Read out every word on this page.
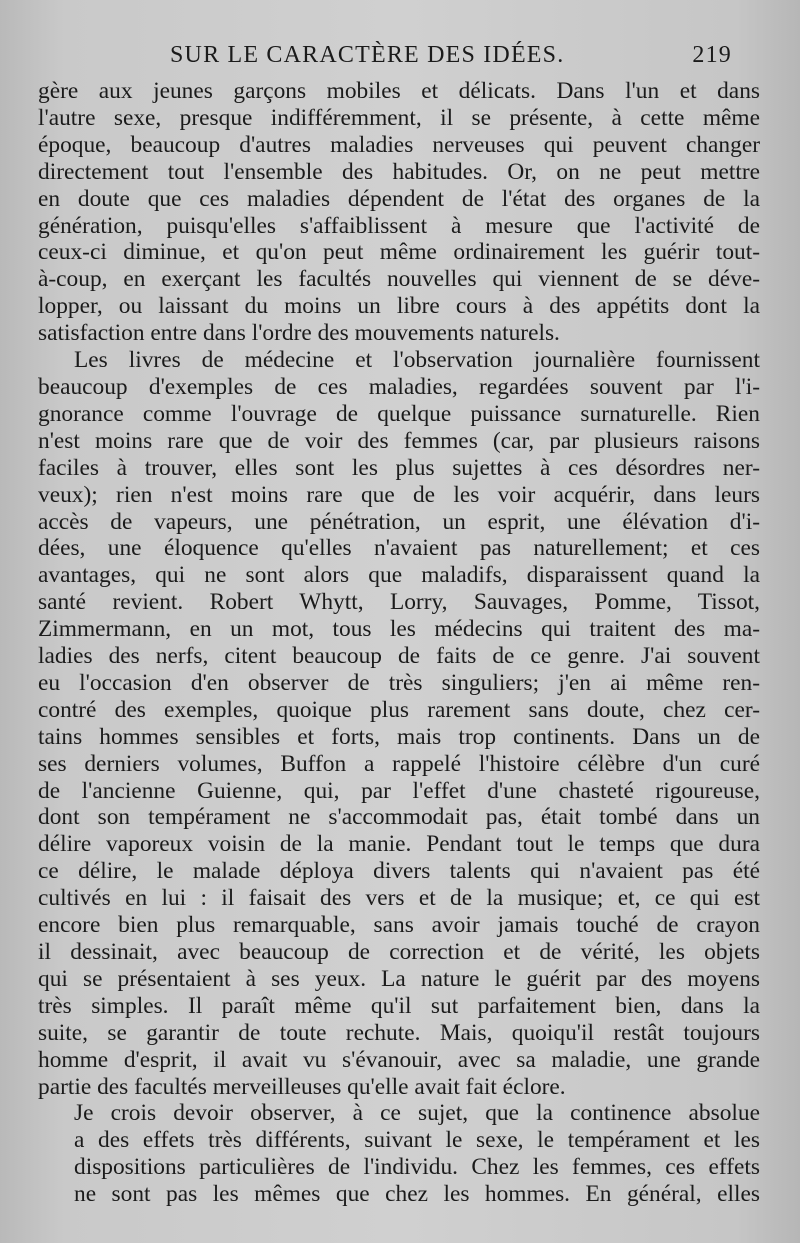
SUR LE CARACTÈRE DES IDÉES.	219
gère aux jeunes garçons mobiles et délicats. Dans l'un et dans
l'autre sexe, presque indifféremment, il se présente, à cette même
époque, beaucoup d'autres maladies nerveuses qui peuvent changer
directement tout l'ensemble des habitudes. Or, on ne peut mettre
en doute que ces maladies dépendent de l'état des organes de la
génération, puisqu'elles s'affaiblissent à mesure que l'activité de
ceux-ci diminue, et qu'on peut même ordinairement les guérir tout-
à-coup, en exerçant les facultés nouvelles qui viennent de se déve-
lopper, ou laissant du moins un libre cours à des appétits dont la
satisfaction entre dans l'ordre des mouvements naturels.
Les livres de médecine et l'observation journalière fournissent
beaucoup d'exemples de ces maladies, regardées souvent par l'i-
gnorance comme l'ouvrage de quelque puissance surnaturelle. Rien
n'est moins rare que de voir des femmes (car, par plusieurs raisons
faciles à trouver, elles sont les plus sujettes à ces désordres ner-
veux); rien n'est moins rare que de les voir acquérir, dans leurs
accès de vapeurs, une pénétration, un esprit, une élévation d'i-
dées, une éloquence qu'elles n'avaient pas naturellement; et ces
avantages, qui ne sont alors que maladifs, disparaissent quand la
santé revient. Robert Whytt, Lorry, Sauvages, Pomme, Tissot,
Zimmermann, en un mot, tous les médecins qui traitent des ma-
ladies des nerfs, citent beaucoup de faits de ce genre. J'ai souvent
eu l'occasion d'en observer de très singuliers; j'en ai même ren-
contré des exemples, quoique plus rarement sans doute, chez cer-
tains hommes sensibles et forts, mais trop continents. Dans un de
ses derniers volumes, Buffon a rappelé l'histoire célèbre d'un curé
de l'ancienne Guienne, qui, par l'effet d'une chasteté rigoureuse,
dont son tempérament ne s'accommodait pas, était tombé dans un
délire vaporeux voisin de la manie. Pendant tout le temps que dura
ce délire, le malade déploya divers talents qui n'avaient pas été
cultivés en lui : il faisait des vers et de la musique; et, ce qui est
encore bien plus remarquable, sans avoir jamais touché de crayon
il dessinait, avec beaucoup de correction et de vérité, les objets
qui se présentaient à ses yeux. La nature le guérit par des moyens
très simples. Il paraît même qu'il sut parfaitement bien, dans la
suite, se garantir de toute rechute. Mais, quoiqu'il restât toujours
homme d'esprit, il avait vu s'évanouir, avec sa maladie, une grande
partie des facultés merveilleuses qu'elle avait fait éclore.
Je crois devoir observer, à ce sujet, que la continence absolue
a des effets très différents, suivant le sexe, le tempérament et les
dispositions particulières de l'individu. Chez les femmes, ces effets
ne sont pas les mêmes que chez les hommes. En général, elles
